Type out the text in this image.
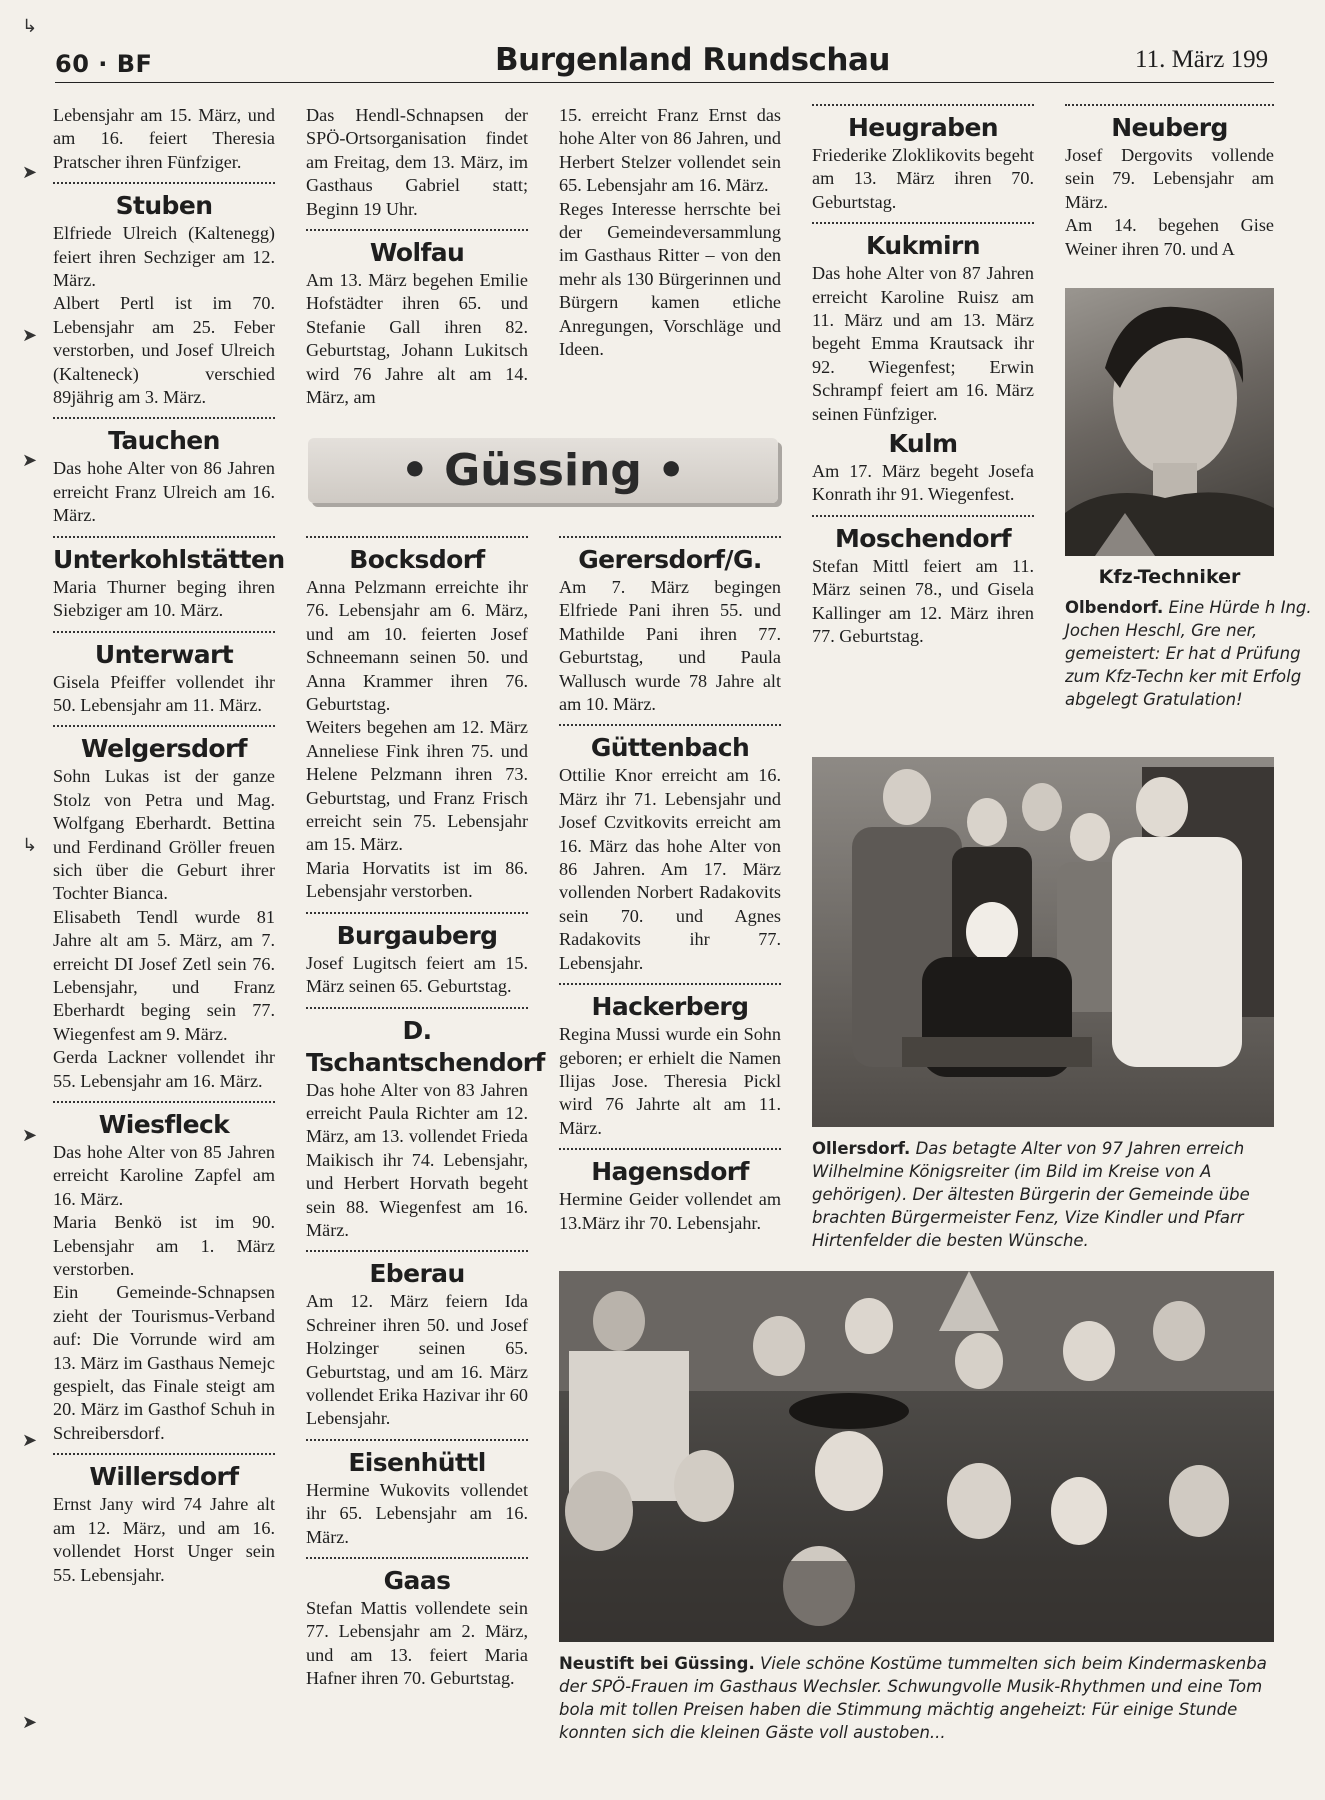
60 · BF	Burgenland Rundschau	11. März 199
↳
➤
➤
➤
↳
➤
➤
➤

Lebensjahr am 15. März, und am 16. feiert Theresia Pratscher ihren Fünfziger.

Stuben

Elfriede Ulreich (Kaltenegg) feiert ihren Sechziger am 12. März.

Albert Pertl ist im 70. Lebensjahr am 25. Feber verstorben, und Josef Ulreich (Kalteneck) verschied 89jährig am 3. März.

Tauchen

Das hohe Alter von 86 Jahren erreicht Franz Ulreich am 16. März.

Unterkohlstätten

Maria Thurner beging ihren Siebziger am 10. März.

Unterwart

Gisela Pfeiffer vollendet ihr 50. Lebensjahr am 11. März.

Welgersdorf

Sohn Lukas ist der ganze Stolz von Petra und Mag. Wolfgang Eberhardt. Bettina und Ferdinand Gröller freuen sich über die Geburt ihrer Tochter Bianca.

Elisabeth Tendl wurde 81 Jahre alt am 5. März, am 7. erreicht DI Josef Zetl sein 76. Lebensjahr, und Franz Eberhardt beging sein 77. Wiegenfest am 9. März.

Gerda Lackner vollendet ihr 55. Lebensjahr am 16. März.

Wiesfleck

Das hohe Alter von 85 Jahren erreicht Karoline Zapfel am 16. März.

Maria Benkö ist im 90. Lebensjahr am 1. März verstorben.

Ein Gemeinde-Schnapsen zieht der Tourismus-Verband auf: Die Vorrunde wird am 13. März im Gasthaus Nemejc gespielt, das Finale steigt am 20. März im Gasthof Schuh in Schreibersdorf.

Willersdorf

Ernst Jany wird 74 Jahre alt am 12. März, und am 16. vollendet Horst Unger sein 55. Lebensjahr.

Das Hendl-Schnapsen der SPÖ-Ortsorganisation findet am Freitag, dem 13. März, im Gasthaus Gabriel statt; Beginn 19 Uhr.

Wolfau

Am 13. März begehen Emilie Hofstädter ihren 65. und Stefanie Gall ihren 82. Geburtstag, Johann Lukitsch wird 76 Jahre alt am 14. März, am

• Güssing •
Bocksdorf

Anna Pelzmann erreichte ihr 76. Lebensjahr am 6. März, und am 10. feierten Josef Schneemann seinen 50. und Anna Krammer ihren 76. Geburtstag.

Weiters begehen am 12. März Anneliese Fink ihren 75. und Helene Pelzmann ihren 73. Geburtstag, und Franz Frisch erreicht sein 75. Lebensjahr am 15. März.

Maria Horvatits ist im 86. Lebensjahr verstorben.

Burgauberg

Josef Lugitsch feiert am 15. März seinen 65. Geburtstag.

D. Tschantschendorf

Das hohe Alter von 83 Jahren erreicht Paula Richter am 12. März, am 13. vollendet Frieda Maikisch ihr 74. Lebensjahr, und Herbert Horvath begeht sein 88. Wiegenfest am 16. März.

Eberau

Am 12. März feiern Ida Schreiner ihren 50. und Josef Holzinger seinen 65. Geburtstag, und am 16. März vollendet Erika Hazivar ihr 60 Lebensjahr.

Eisenhüttl

Hermine Wukovits vollendet ihr 65. Lebensjahr am 16. März.

Gaas

Stefan Mattis vollendete sein 77. Lebensjahr am 2. März, und am 13. feiert Maria Hafner ihren 70. Geburtstag.

15. erreicht Franz Ernst das hohe Alter von 86 Jahren, und Herbert Stelzer vollendet sein 65. Lebensjahr am 16. März.

Reges Interesse herrschte bei der Gemeindeversammlung im Gasthaus Ritter – von den mehr als 130 Bürgerinnen und Bürgern kamen etliche Anregungen, Vorschläge und Ideen.

Gerersdorf/G.

Am 7. März begingen Elfriede Pani ihren 55. und Mathilde Pani ihren 77. Geburtstag, und Paula Wallusch wurde 78 Jahre alt am 10. März.

Güttenbach

Ottilie Knor erreicht am 16. März ihr 71. Lebensjahr und Josef Czvitkovits erreicht am 16. März das hohe Alter von 86 Jahren. Am 17. März vollenden Norbert Radakovits sein 70. und Agnes Radakovits ihr 77. Lebensjahr.

Hackerberg

Regina Mussi wurde ein Sohn geboren; er erhielt die Namen Ilijas Jose. Theresia Pickl wird 76 Jahrte alt am 11. März.

Hagensdorf

Hermine Geider vollendet am 13.März ihr 70. Lebensjahr.

Heugraben

Friederike Zloklikovits begeht am 13. März ihren 70. Geburtstag.

Kukmirn

Das hohe Alter von 87 Jahren erreicht Karoline Ruisz am 11. März und am 13. März begeht Emma Krautsack ihr 92. Wiegenfest; Erwin Schrampf feiert am 16. März seinen Fünfziger.

Kulm

Am 17. März begeht Josefa Konrath ihr 91. Wiegenfest.

Moschendorf

Stefan Mittl feiert am 11. März seinen 78., und Gisela Kallinger am 12. März ihren 77. Geburtstag.

Neuberg

Josef Dergovits vollende sein 79. Lebensjahr am März.

Am 14. begehen Gise Weiner ihren 70. und A

Kfz-Techniker
Olbendorf. Eine Hürde h Ing. Jochen Heschl, Gre ner, gemeistert: Er hat d Prüfung zum Kfz-Techn ker mit Erfolg abgelegt Gratulation!
Ollersdorf. Das betagte Alter von 97 Jahren erreich Wilhelmine Königsreiter (im Bild im Kreise von A gehörigen). Der ältesten Bürgerin der Gemeinde übe brachten Bürgermeister Fenz, Vize Kindler und Pfarr Hirtenfelder die besten Wünsche.
Neustift bei Güssing. Viele schöne Kostüme tummelten sich beim Kindermaskenba der SPÖ-Frauen im Gasthaus Wechsler. Schwungvolle Musik-Rhythmen und eine Tom bola mit tollen Preisen haben die Stimmung mächtig angeheizt: Für einige Stunde konnten sich die kleinen Gäste voll austoben...
